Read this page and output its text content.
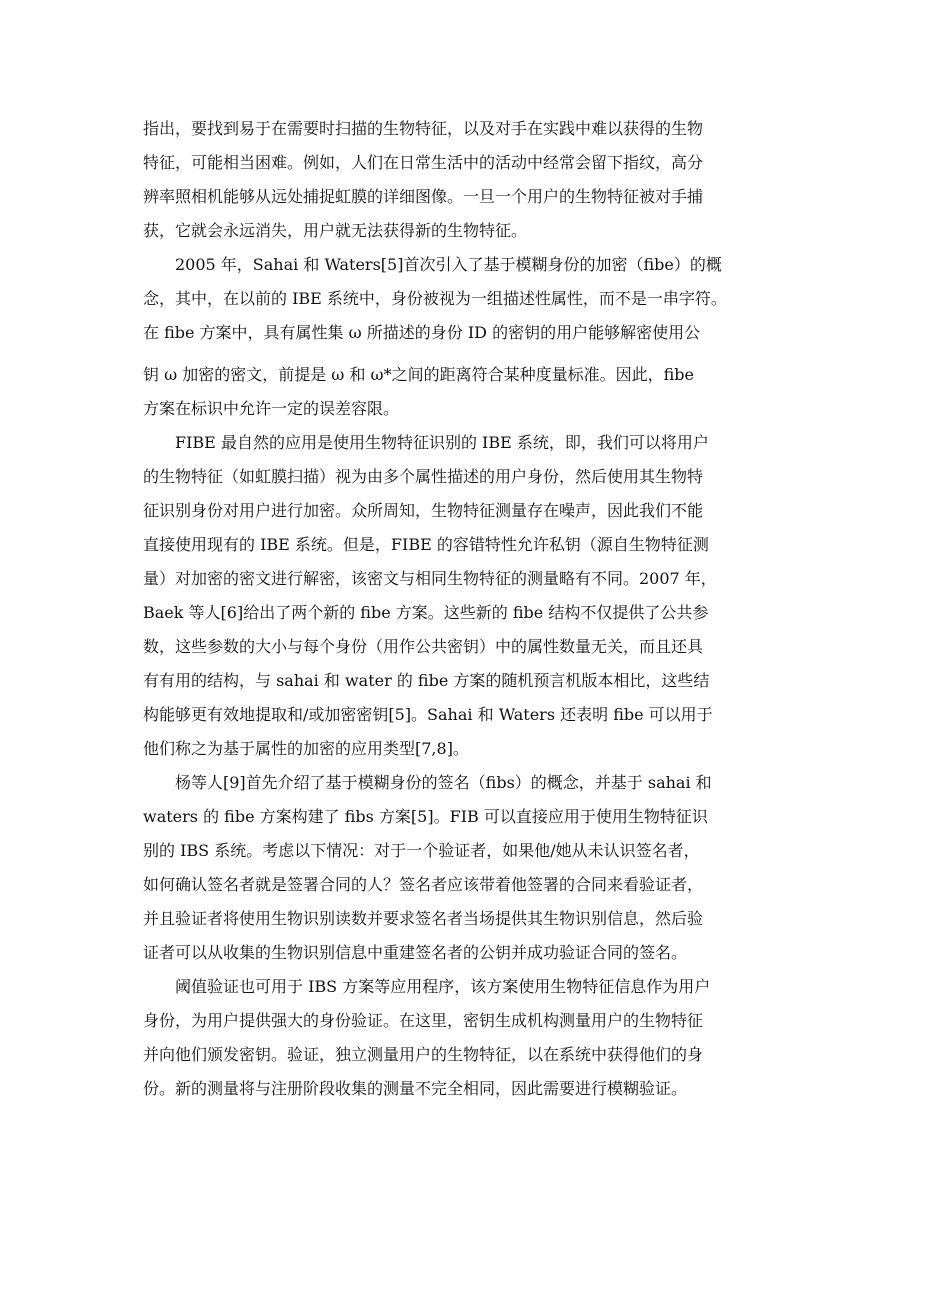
指出，要找到易于在需要时扫描的生物特征，以及对手在实践中难以获得的生物
特征，可能相当困难。例如，人们在日常生活中的活动中经常会留下指纹，高分
辨率照相机能够从远处捕捉虹膜的详细图像。一旦一个用户的生物特征被对手捕
获，它就会永远消失，用户就无法获得新的生物特征。
　　2005 年，Sahai 和 Waters[5]首次引入了基于模糊身份的加密（fibe）的概
念，其中，在以前的 IBE 系统中，身份被视为一组描述性属性，而不是一串字符。
在 fibe 方案中，具有属性集 ω 所描述的身份 ID 的密钥的用户能够解密使用公
钥 ω 加密的密文，前提是 ω 和 ω*之间的距离符合某种度量标准。因此，fibe
方案在标识中允许一定的误差容限。
　　FIBE 最自然的应用是使用生物特征识别的 IBE 系统，即，我们可以将用户
的生物特征（如虹膜扫描）视为由多个属性描述的用户身份，然后使用其生物特
征识别身份对用户进行加密。众所周知，生物特征测量存在噪声，因此我们不能
直接使用现有的 IBE 系统。但是，FIBE 的容错特性允许私钥（源自生物特征测
量）对加密的密文进行解密，该密文与相同生物特征的测量略有不同。2007 年，
Baek 等人[6]给出了两个新的 fibe 方案。这些新的 fibe 结构不仅提供了公共参
数，这些参数的大小与每个身份（用作公共密钥）中的属性数量无关，而且还具
有有用的结构，与 sahai 和 water 的 fibe 方案的随机预言机版本相比，这些结
构能够更有效地提取和/或加密密钥[5]。Sahai 和 Waters 还表明 fibe 可以用于
他们称之为基于属性的加密的应用类型[7,8]。
　　杨等人[9]首先介绍了基于模糊身份的签名（fibs）的概念，并基于 sahai 和
waters 的 fibe 方案构建了 fibs 方案[5]。FIB 可以直接应用于使用生物特征识
别的 IBS 系统。考虑以下情况：对于一个验证者，如果他/她从未认识签名者，
如何确认签名者就是签署合同的人？签名者应该带着他签署的合同来看验证者，
并且验证者将使用生物识别读数并要求签名者当场提供其生物识别信息，然后验
证者可以从收集的生物识别信息中重建签名者的公钥并成功验证合同的签名。
　　阈值验证也可用于 IBS 方案等应用程序，该方案使用生物特征信息作为用户
身份，为用户提供强大的身份验证。在这里，密钥生成机构测量用户的生物特征
并向他们颁发密钥。验证，独立测量用户的生物特征，以在系统中获得他们的身
份。新的测量将与注册阶段收集的测量不完全相同，因此需要进行模糊验证。
